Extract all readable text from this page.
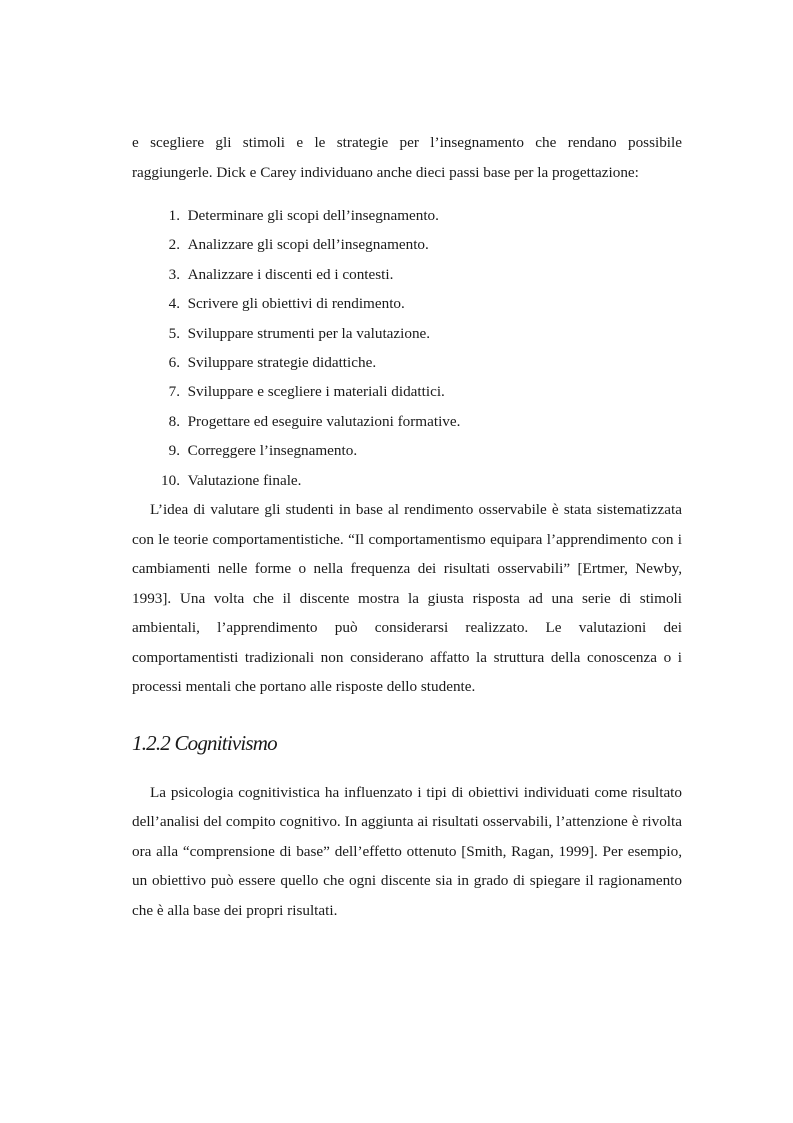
e scegliere gli stimoli e le strategie per l’insegnamento che rendano possibile raggiungerle. Dick e Carey individuano anche dieci passi base per la progettazione:

1.
Determinare gli scopi dell’insegnamento.
2.
Analizzare gli scopi dell’insegnamento.
3.
Analizzare i discenti ed i contesti.
4.
Scrivere gli obiettivi di rendimento.
5.
Sviluppare strumenti per la valutazione.
6.
Sviluppare strategie didattiche.
7.
Sviluppare e scegliere i materiali didattici.
8.
Progettare ed eseguire valutazioni formative.
9.
Correggere l’insegnamento.
10.
Valutazione finale.

L’idea di valutare gli studenti in base al rendimento osservabile è stata sistematizzata con le teorie comportamentistiche. “Il comportamentismo equipara l’apprendimento con i cambiamenti nelle forme o nella frequenza dei risultati osservabili” [Ertmer, Newby, 1993]. Una volta che il discente mostra la giusta risposta ad una serie di stimoli ambientali, l’apprendimento può considerarsi realizzato. Le valutazioni dei comportamentisti tradizionali non considerano affatto la struttura della conoscenza o i processi mentali che portano alle risposte dello studente.

1.2.2 Cognitivismo

La psicologia cognitivistica ha influenzato i tipi di obiettivi individuati come risultato dell’analisi del compito cognitivo. In aggiunta ai risultati osservabili, l’attenzione è rivolta ora alla “comprensione di base” dell’effetto ottenuto [Smith, Ragan, 1999]. Per esempio, un obiettivo può essere quello che ogni discente sia in grado di spiegare il ragionamento che è alla base dei propri risultati.
